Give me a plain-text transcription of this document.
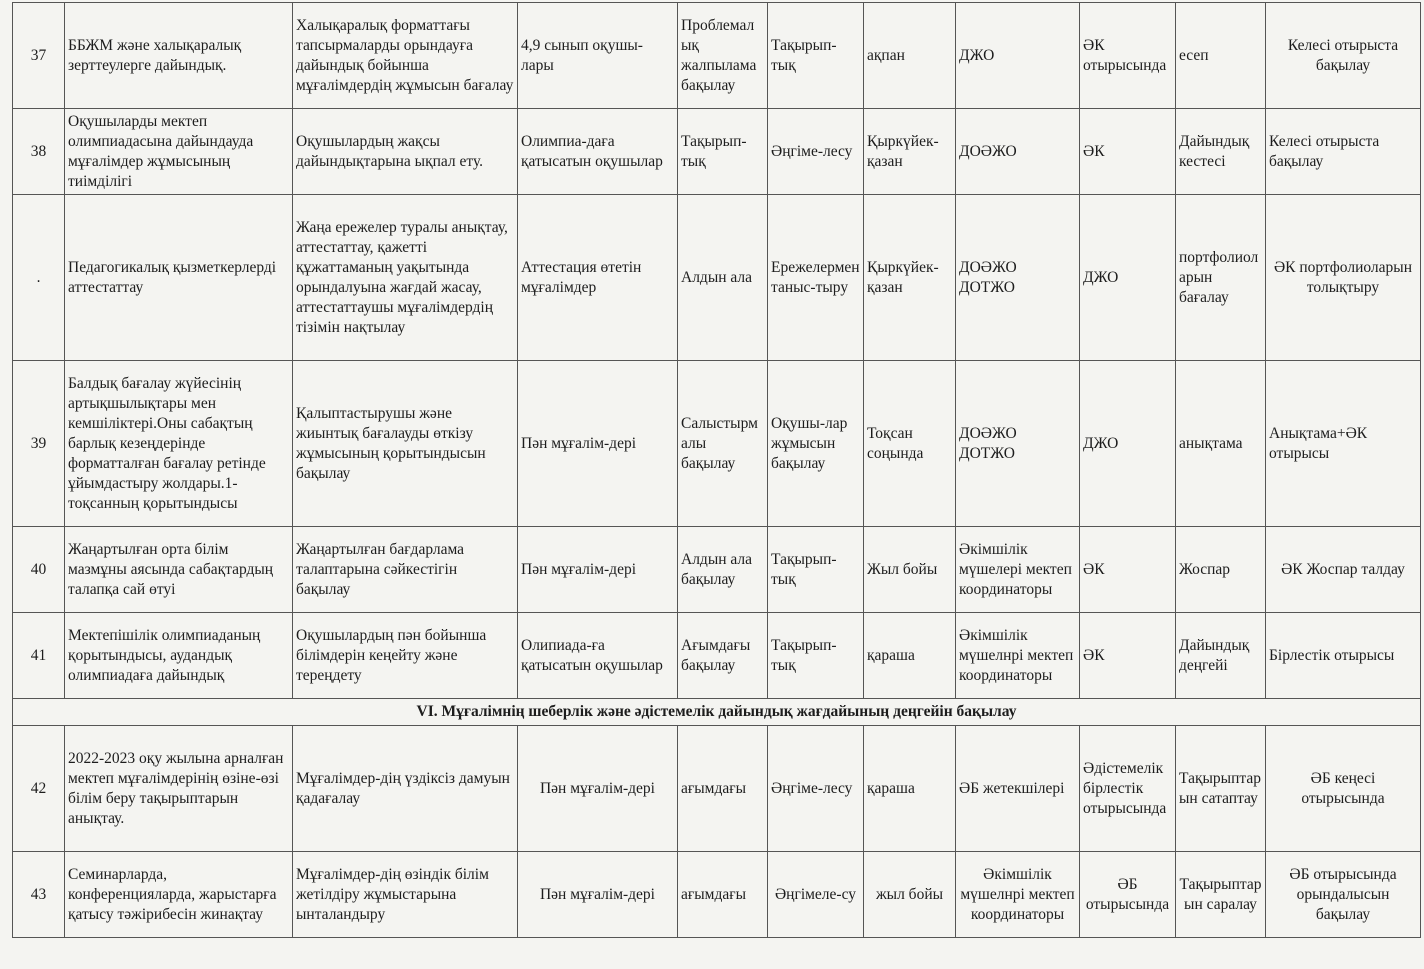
37	ББЖМ және халықаралық зерттеулерге дайындық.	Халықаралық форматтағы тапсырмаларды орындауға дайындық бойынша мұғалімдердің жұмысын бағалау	4,9 сынып оқушы-лары	Проблемалық жалпылама бақылау	Тақырып-тық	ақпан	ДЖО	ӘК отырысында	есеп	Келесі отырыста бақылау
38	Оқушыларды мектеп олимпиадасына дайындауда мұғалімдер жұмысының тиімділігі	Оқушылардың жақсы дайындықтарына ықпал ету.	Олимпиа-даға қатысатын оқушылар	Тақырып-тық	Әңгіме-лесу	Қыркүйек-қазан	ДОӘЖО	ӘК	Дайындық кестесі	Келесі отырыста бақылау
.	Педагогикалық қызметкерлерді аттестаттау	Жаңа ережелер туралы анықтау, аттестаттау, қажетті құжаттаманың уақытында орындалуына жағдай жасау, аттестаттаушы мұғалімдердің тізімін нақтылау	Аттестация өтетін мұғалімдер	Алдын ала	Ережелермен таныс-тыру	Қыркүйек-қазан	ДОӘЖО ДОТЖО	ДЖО	портфолиоларын бағалау	ӘК портфолиоларын толықтыру
39	Балдық бағалау жүйесінің артықшылықтары мен кемшіліктері.Оны сабақтың барлық кезеңдерінде форматталған бағалау ретінде ұйымдастыру жолдары.1-тоқсанның қорытындысы	Қалыптастырушы және жиынтық бағалауды өткізу жұмысының қорытындысын бақылау	Пән мұғалім-дері	Салыстырмалы бақылау	Оқушы-лар жұмысын бақылау	Тоқсан соңында	ДОӘЖО ДОТЖО	ДЖО	анықтама	Анықтама+ӘК отырысы
40	Жаңартылған орта білім мазмұны аясында сабақтардың талапқа сай өтуі	Жаңартылған бағдарлама талаптарына сәйкестігін бақылау	Пән мұғалім-дері	Алдын ала бақылау	Тақырып-тық	Жыл бойы	Әкімшілік мүшелері мектеп координаторы	ӘК	Жоспар	ӘК Жоспар талдау
41	Мектепішілік олимпиаданың қорытындысы, аудандық олимпиадаға дайындық	Оқушылардың пән бойынша білімдерін кеңейту және тереңдету	Олипиада-ға қатысатын оқушылар	Ағымдағы бақылау	Тақырып-тық	қараша	Әкімшілік мүшелнрі мектеп координаторы	ӘК	Дайындық деңгейі	Бірлестік отырысы
VI. Мұғалімнің шеберлік және әдістемелік дайындық жағдайының деңгейін бақылау										
42	2022-2023 оқу жылына арналған мектеп мұғалімдерінің өзіне-өзі білім беру тақырыптарын анықтау.	Мұғалімдер-дің үздіксіз дамуын қадағалау	Пән мұғалім-дері	ағымдағы	Әңгіме-лесу	қараша	ӘБ жетекшілері	Әдістемелік бірлестік отырысында	Тақырыптарын сатаптау	ӘБ кеңесі отырысында
43	Семинарларда, конференцияларда, жарыстарға қатысу тәжірибесін жинақтау	Мұғалімдер-дің өзіндік білім жетілдіру жұмыстарына ынталандыру	Пән мұғалім-дері	ағымдағы	Әңгімеле-су	жыл бойы	Әкімшілік мүшелнрі мектеп координаторы	ӘБ отырысында	Тақырыптарын саралау	ӘБ отырысында орындалысын бақылау
